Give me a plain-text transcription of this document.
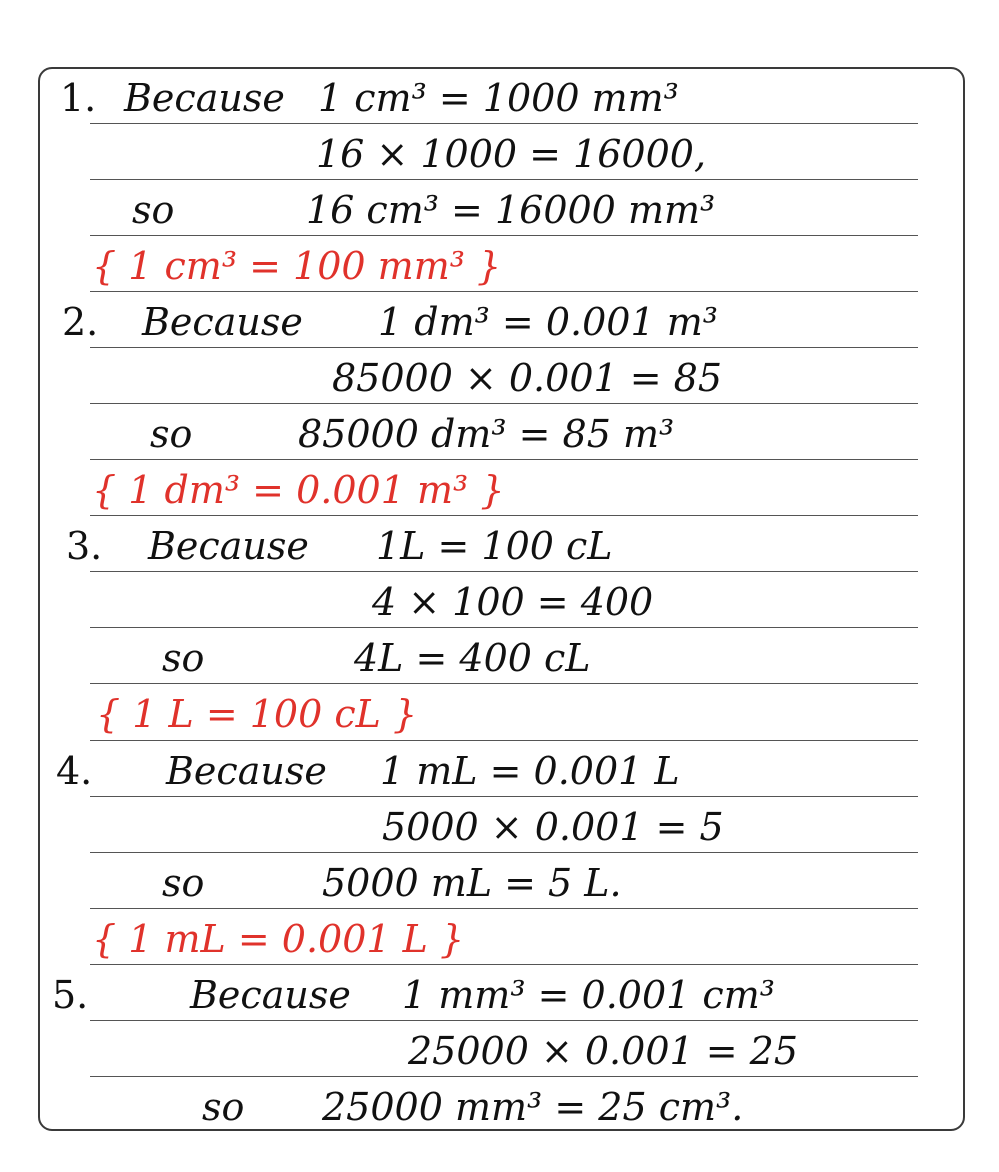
1. Because 1 cm³ = 1000 mm³
16 × 1000 = 16000,
so	16 cm³ = 16000 mm³
{ 1 cm³ = 100 mm³ }
2. Because 1 dm³ = 0.001 m³
85000 × 0.001 = 85
so	85000 dm³ = 85 m³
{ 1 dm³ = 0.001 m³ }
3. Because 1L = 100 cL
4 × 100 = 400
so	4L = 400 cL
{ 1 L = 100 cL }
4. Because 1 mL = 0.001 L
5000 × 0.001 = 5
so	5000 mL = 5 L.
{ 1 mL = 0.001 L }
5.	Because 1 mm³ = 0.001 cm³
25000 × 0.001 = 25
so 25000 mm³ = 25 cm³.
